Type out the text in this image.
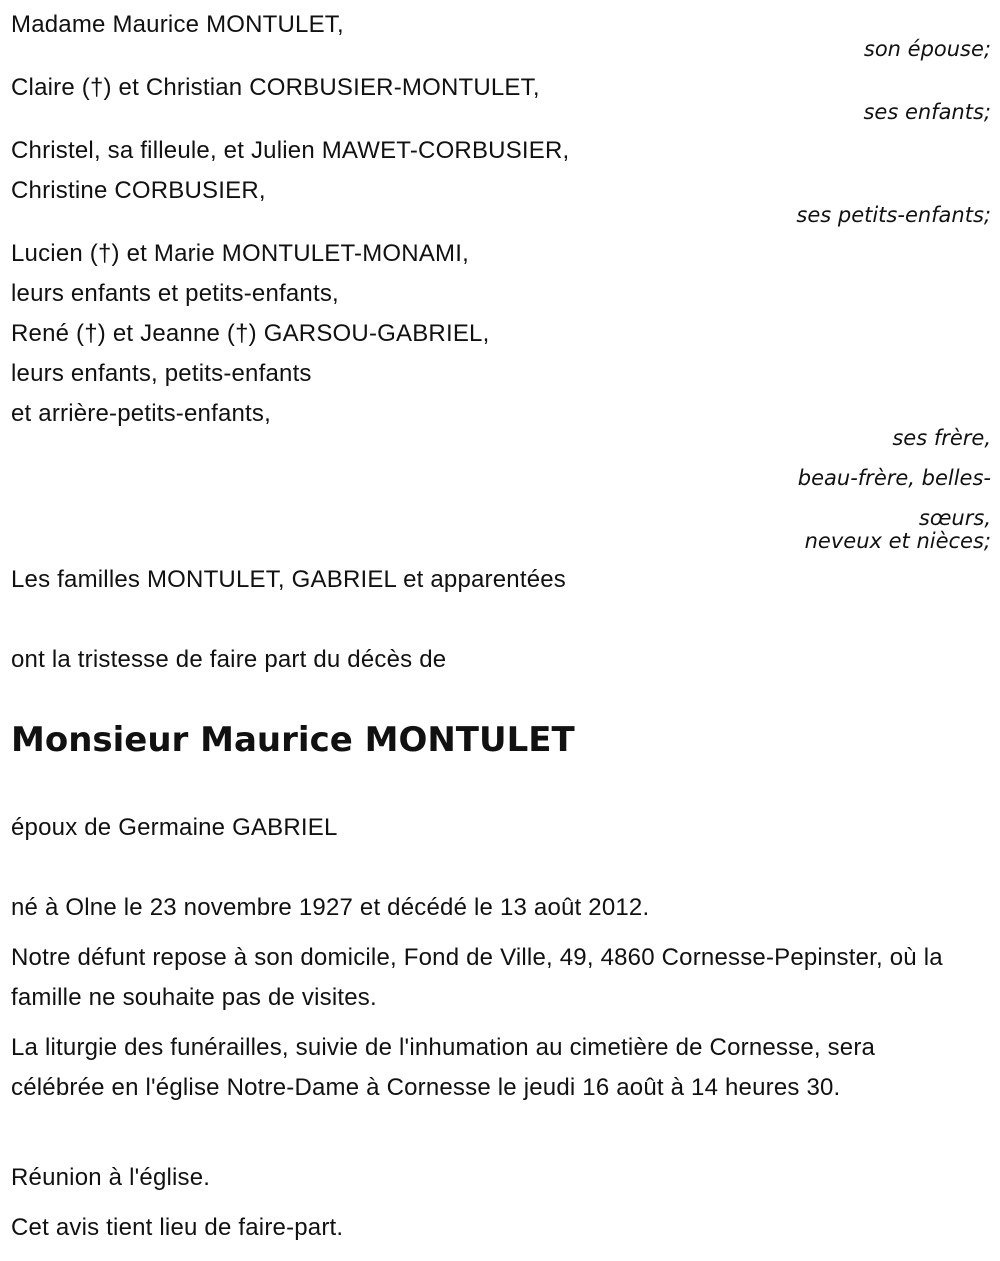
Madame Maurice MONTULET,
son épouse;
Claire (†) et Christian CORBUSIER-MONTULET,
ses enfants;
Christel, sa filleule, et Julien MAWET-CORBUSIER,
Christine CORBUSIER,
ses petits-enfants;
Lucien (†) et Marie MONTULET-MONAMI,
leurs enfants et petits-enfants,
René (†) et Jeanne (†) GARSOU-GABRIEL,
leurs enfants, petits-enfants
et arrière-petits-enfants,
ses frère,
beau-frère, belles-
sœurs,
neveux et nièces;
Les familles MONTULET, GABRIEL et apparentées
ont la tristesse de faire part du décès de
Monsieur Maurice MONTULET
époux de Germaine GABRIEL
né à Olne le 23 novembre 1927 et décédé le 13 août 2012.
Notre défunt repose à son domicile, Fond de Ville, 49, 4860 Cornesse-Pepinster, où la famille ne souhaite pas de visites.
La liturgie des funérailles, suivie de l'inhumation au cimetière de Cornesse, sera célébrée en l'église Notre-Dame à Cornesse le jeudi 16 août à 14 heures 30.
Réunion à l'église.
Cet avis tient lieu de faire-part.
